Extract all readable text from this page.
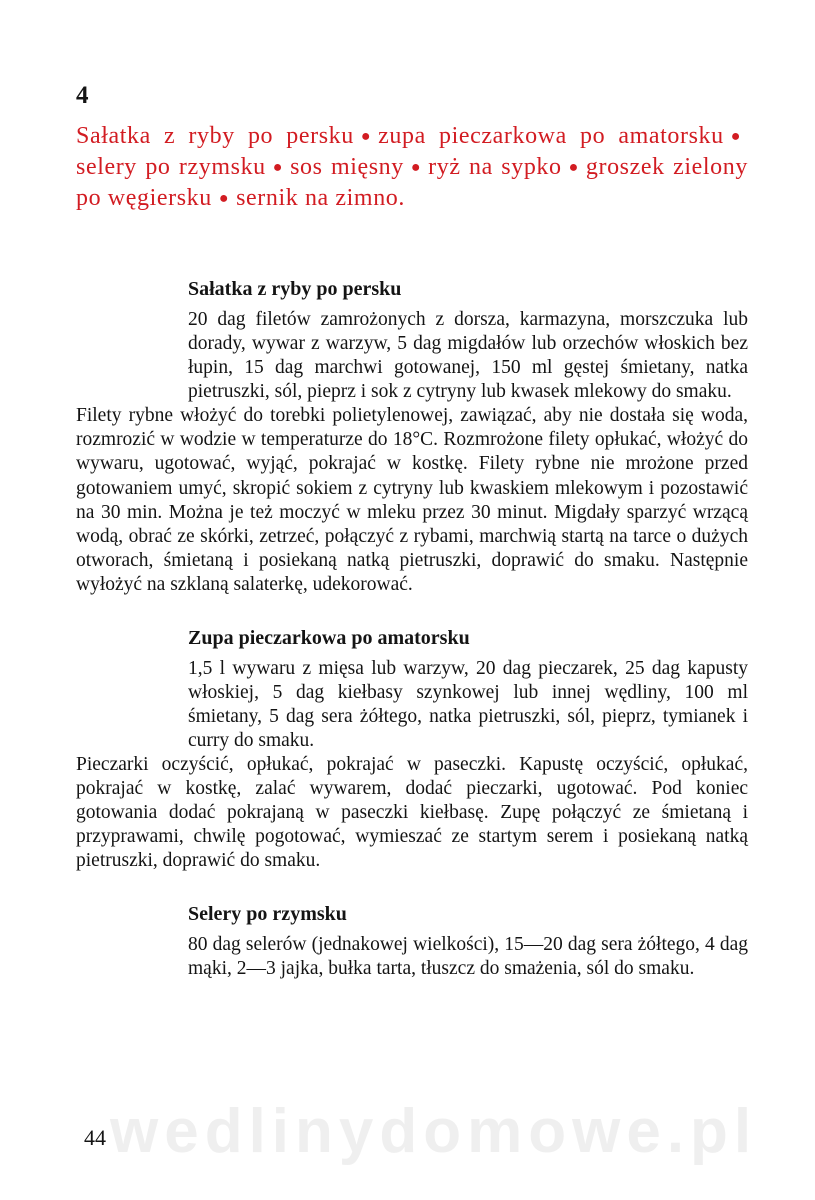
4
Sałatka z ryby po persku ● zupa pieczarkowa po amatorsku ●selery po rzymsku ● sos mięsny ● ryż na sypko ● groszek zielony po węgiersku ● sernik na zimno.
Sałatka z ryby po persku

20 dag filetów zamrożonych z dorsza, karmazyna, morszczuka lub dorady, wywar z warzyw, 5 dag migdałów lub orzechów włoskich bez łupin, 15 dag marchwi gotowanej, 150 ml gęstej śmietany, natka pietruszki, sól, pieprz i sok z cytryny lub kwasek mlekowy do smaku.

Filety rybne włożyć do torebki polietylenowej, zawiązać, aby nie dostała się woda, rozmrozić w wodzie w temperaturze do 18°C. Rozmrożone filety opłukać, włożyć do wywaru, ugotować, wyjąć, pokrajać w kostkę. Filety rybne nie mrożone przed gotowaniem umyć, skropić sokiem z cytryny lub kwaskiem mlekowym i pozostawić na 30 min. Można je też moczyć w mleku przez 30 minut. Migdały sparzyć wrzącą wodą, obrać ze skórki, zetrzeć, połączyć z rybami, marchwią startą na tarce o dużych otworach, śmietaną i posiekaną natką pietruszki, doprawić do smaku. Następnie wyłożyć na szklaną salaterkę, udekorować.

Zupa pieczarkowa po amatorsku

1,5 l wywaru z mięsa lub warzyw, 20 dag pieczarek, 25 dag kapusty włoskiej, 5 dag kiełbasy szynkowej lub innej wędliny, 100 ml śmietany, 5 dag sera żółtego, natka pietruszki, sól, pieprz, tymianek i curry do smaku.

Pieczarki oczyścić, opłukać, pokrajać w paseczki. Kapustę oczyścić, opłukać, pokrajać w kostkę, zalać wywarem, dodać pieczarki, ugotować. Pod koniec gotowania dodać pokrajaną w paseczki kiełbasę. Zupę połączyć ze śmietaną i przyprawami, chwilę pogotować, wymieszać ze startym serem i posiekaną natką pietruszki, doprawić do smaku.

Selery po rzymsku

80 dag selerów (jednakowej wielkości), 15—20 dag sera żółtego, 4 dag mąki, 2—3 jajka, bułka tarta, tłuszcz do smażenia, sól do smaku.

wedlinydomowe.pl

44
